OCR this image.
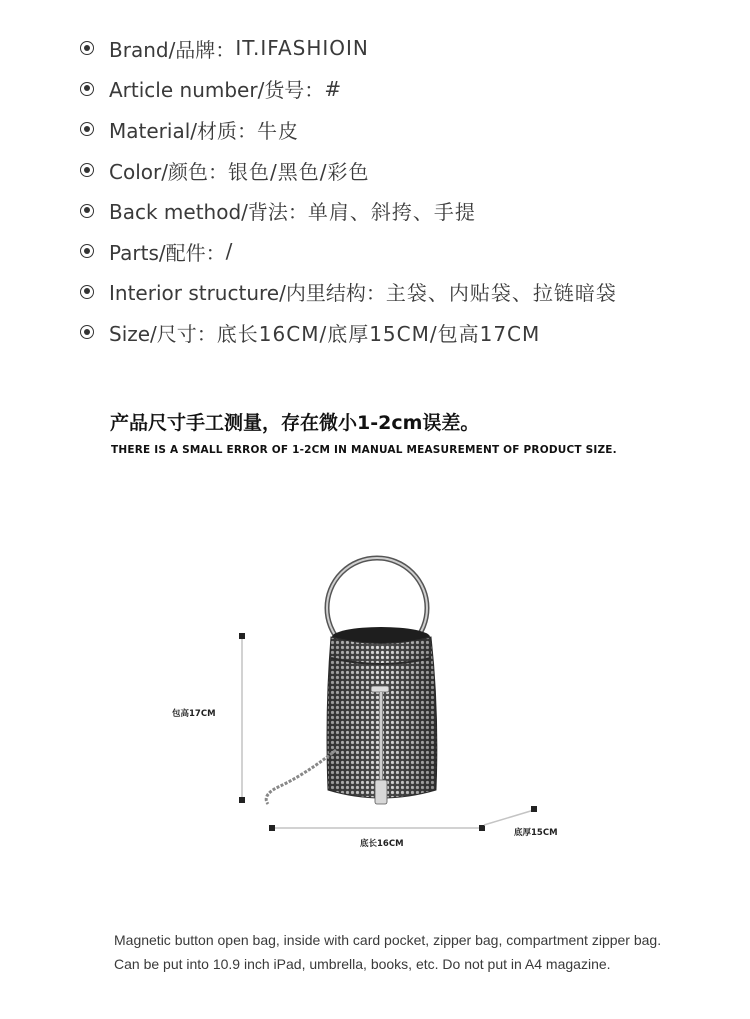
Brand/品牌： IT.IFASHIOIN
Article number/货号： #
Material/材质： 牛皮
Color/颜色： 银色/黑色/彩色
Back method/背法： 单肩、斜挎、手提
Parts/配件： /
Interior structure/内里结构： 主袋、内贴袋、拉链暗袋
Size/尺寸： 底长16CM/底厚15CM/包高17CM
产品尺寸手工测量，存在微小1-2cm误差。
THERE IS A SMALL ERROR OF 1-2CM IN MANUAL MEASUREMENT OF PRODUCT SIZE.
包高17CM
底长16CM
底厚15CM

Magnetic button open bag, inside with card pocket, zipper bag, compartment zipper bag.
Can be put into 10.9 inch iPad, umbrella, books, etc. Do not put in A4 magazine.
